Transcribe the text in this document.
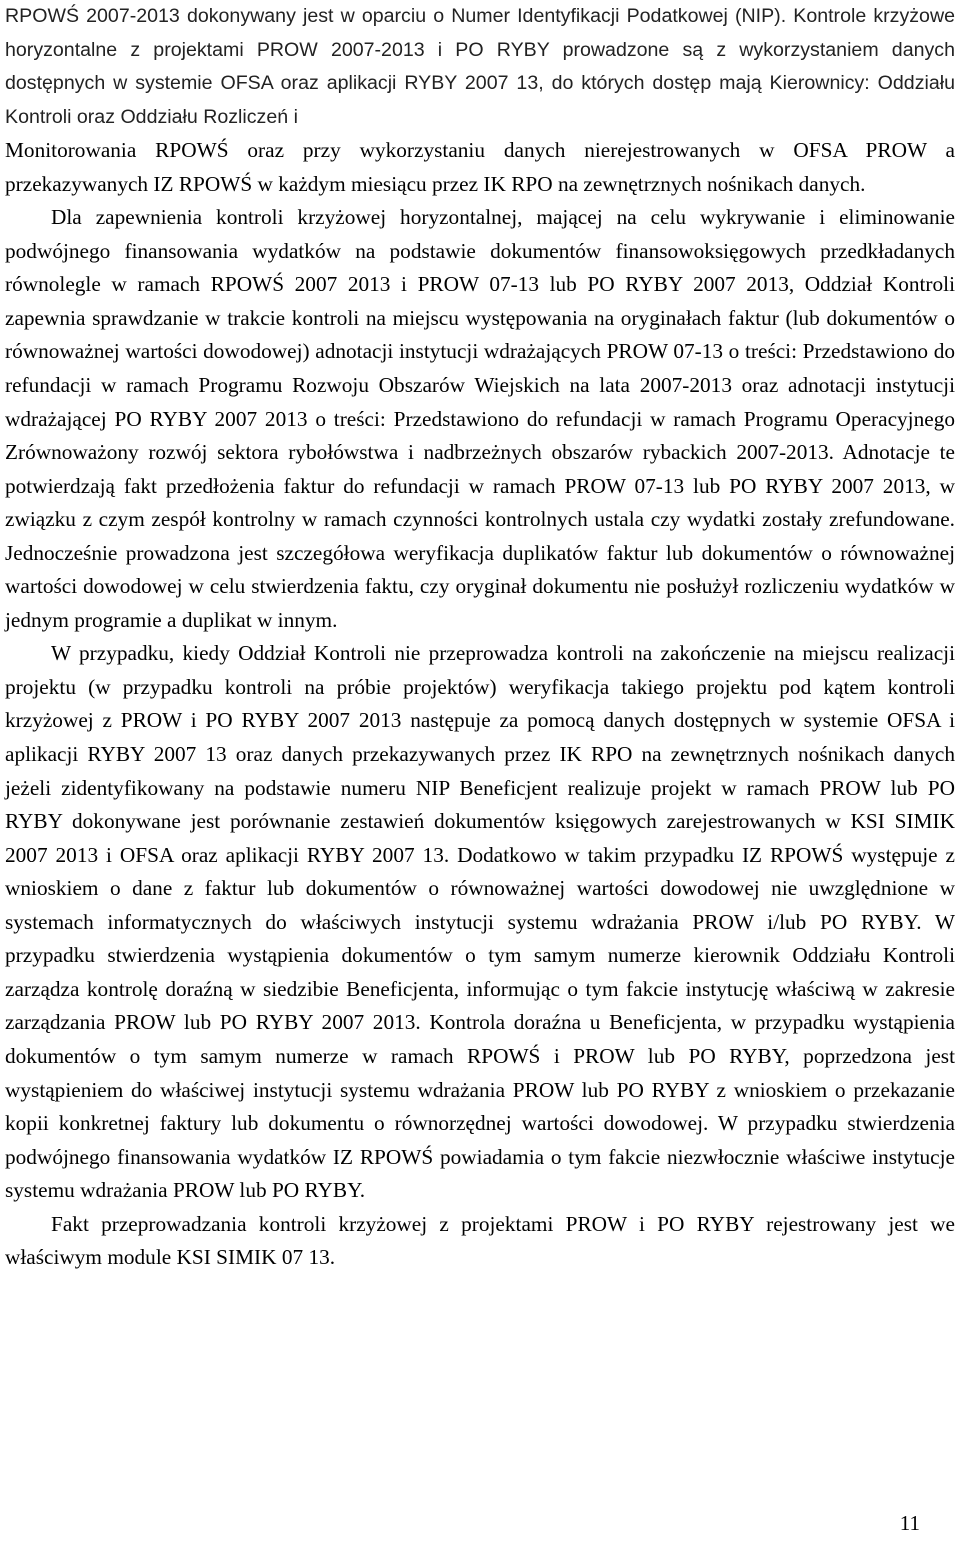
RPOWŚ 2007-2013 dokonywany jest w oparciu o Numer Identyfikacji Podatkowej (NIP). Kontrole krzyżowe horyzontalne z projektami PROW 2007-2013 i PO RYBY prowadzone są z wykorzystaniem danych dostępnych w systemie OFSA oraz aplikacji RYBY 2007 13, do których dostęp mają Kierownicy: Oddziału Kontroli oraz Oddziału Rozliczeń i

Monitorowania RPOWŚ oraz przy wykorzystaniu danych nierejestrowanych w OFSA PROW a przekazywanych IZ RPOWŚ w każdym miesiącu przez IK RPO na zewnętrznych nośnikach danych.

Dla zapewnienia kontroli krzyżowej horyzontalnej, mającej na celu wykrywanie i eliminowanie podwójnego finansowania wydatków na podstawie dokumentów finansowoksięgowych przedkładanych równolegle w ramach RPOWŚ 2007 2013 i PROW 07-13 lub PO RYBY 2007 2013, Oddział Kontroli zapewnia sprawdzanie w trakcie kontroli na miejscu występowania na oryginałach faktur (lub dokumentów o równoważnej wartości dowodowej) adnotacji instytucji wdrażających PROW 07-13 o treści: Przedstawiono do refundacji w ramach Programu Rozwoju Obszarów Wiejskich na lata 2007-2013 oraz adnotacji instytucji wdrażającej PO RYBY 2007 2013 o treści: Przedstawiono do refundacji w ramach Programu Operacyjnego Zrównoważony rozwój sektora rybołówstwa i nadbrzeżnych obszarów rybackich 2007-2013. Adnotacje te potwierdzają fakt przedłożenia faktur do refundacji w ramach PROW 07-13 lub PO RYBY 2007 2013, w związku z czym zespół kontrolny w ramach czynności kontrolnych ustala czy wydatki zostały zrefundowane. Jednocześnie prowadzona jest szczegółowa weryfikacja duplikatów faktur lub dokumentów o równoważnej wartości dowodowej w celu stwierdzenia faktu, czy oryginał dokumentu nie posłużył rozliczeniu wydatków w jednym programie a duplikat w innym.

W przypadku, kiedy Oddział Kontroli nie przeprowadza kontroli na zakończenie na miejscu realizacji projektu (w przypadku kontroli na próbie projektów) weryfikacja takiego projektu pod kątem kontroli krzyżowej z PROW i PO RYBY 2007 2013 następuje za pomocą danych dostępnych w systemie OFSA i aplikacji RYBY 2007 13 oraz danych przekazywanych przez IK RPO na zewnętrznych nośnikach danych jeżeli zidentyfikowany na podstawie numeru NIP Beneficjent realizuje projekt w ramach PROW lub PO RYBY dokonywane jest porównanie zestawień dokumentów księgowych zarejestrowanych w KSI SIMIK 2007 2013 i OFSA oraz aplikacji RYBY 2007 13. Dodatkowo w takim przypadku IZ RPOWŚ występuje z wnioskiem o dane z faktur lub dokumentów o równoważnej wartości dowodowej nie uwzględnione w systemach informatycznych do właściwych instytucji systemu wdrażania PROW i/lub PO RYBY. W przypadku stwierdzenia wystąpienia dokumentów o tym samym numerze kierownik Oddziału Kontroli zarządza kontrolę doraźną w siedzibie Beneficjenta, informując o tym fakcie instytucję właściwą w zakresie zarządzania PROW lub PO RYBY 2007 2013. Kontrola doraźna u Beneficjenta, w przypadku wystąpienia dokumentów o tym samym numerze w ramach RPOWŚ i PROW lub PO RYBY, poprzedzona jest wystąpieniem do właściwej instytucji systemu wdrażania PROW lub PO RYBY z wnioskiem o przekazanie kopii konkretnej faktury lub dokumentu o równorzędnej wartości dowodowej. W przypadku stwierdzenia podwójnego finansowania wydatków IZ RPOWŚ powiadamia o tym fakcie niezwłocznie właściwe instytucje systemu wdrażania PROW lub PO RYBY.

Fakt przeprowadzania kontroli krzyżowej z projektami PROW i PO RYBY rejestrowany jest we właściwym module KSI SIMIK 07 13.

11
